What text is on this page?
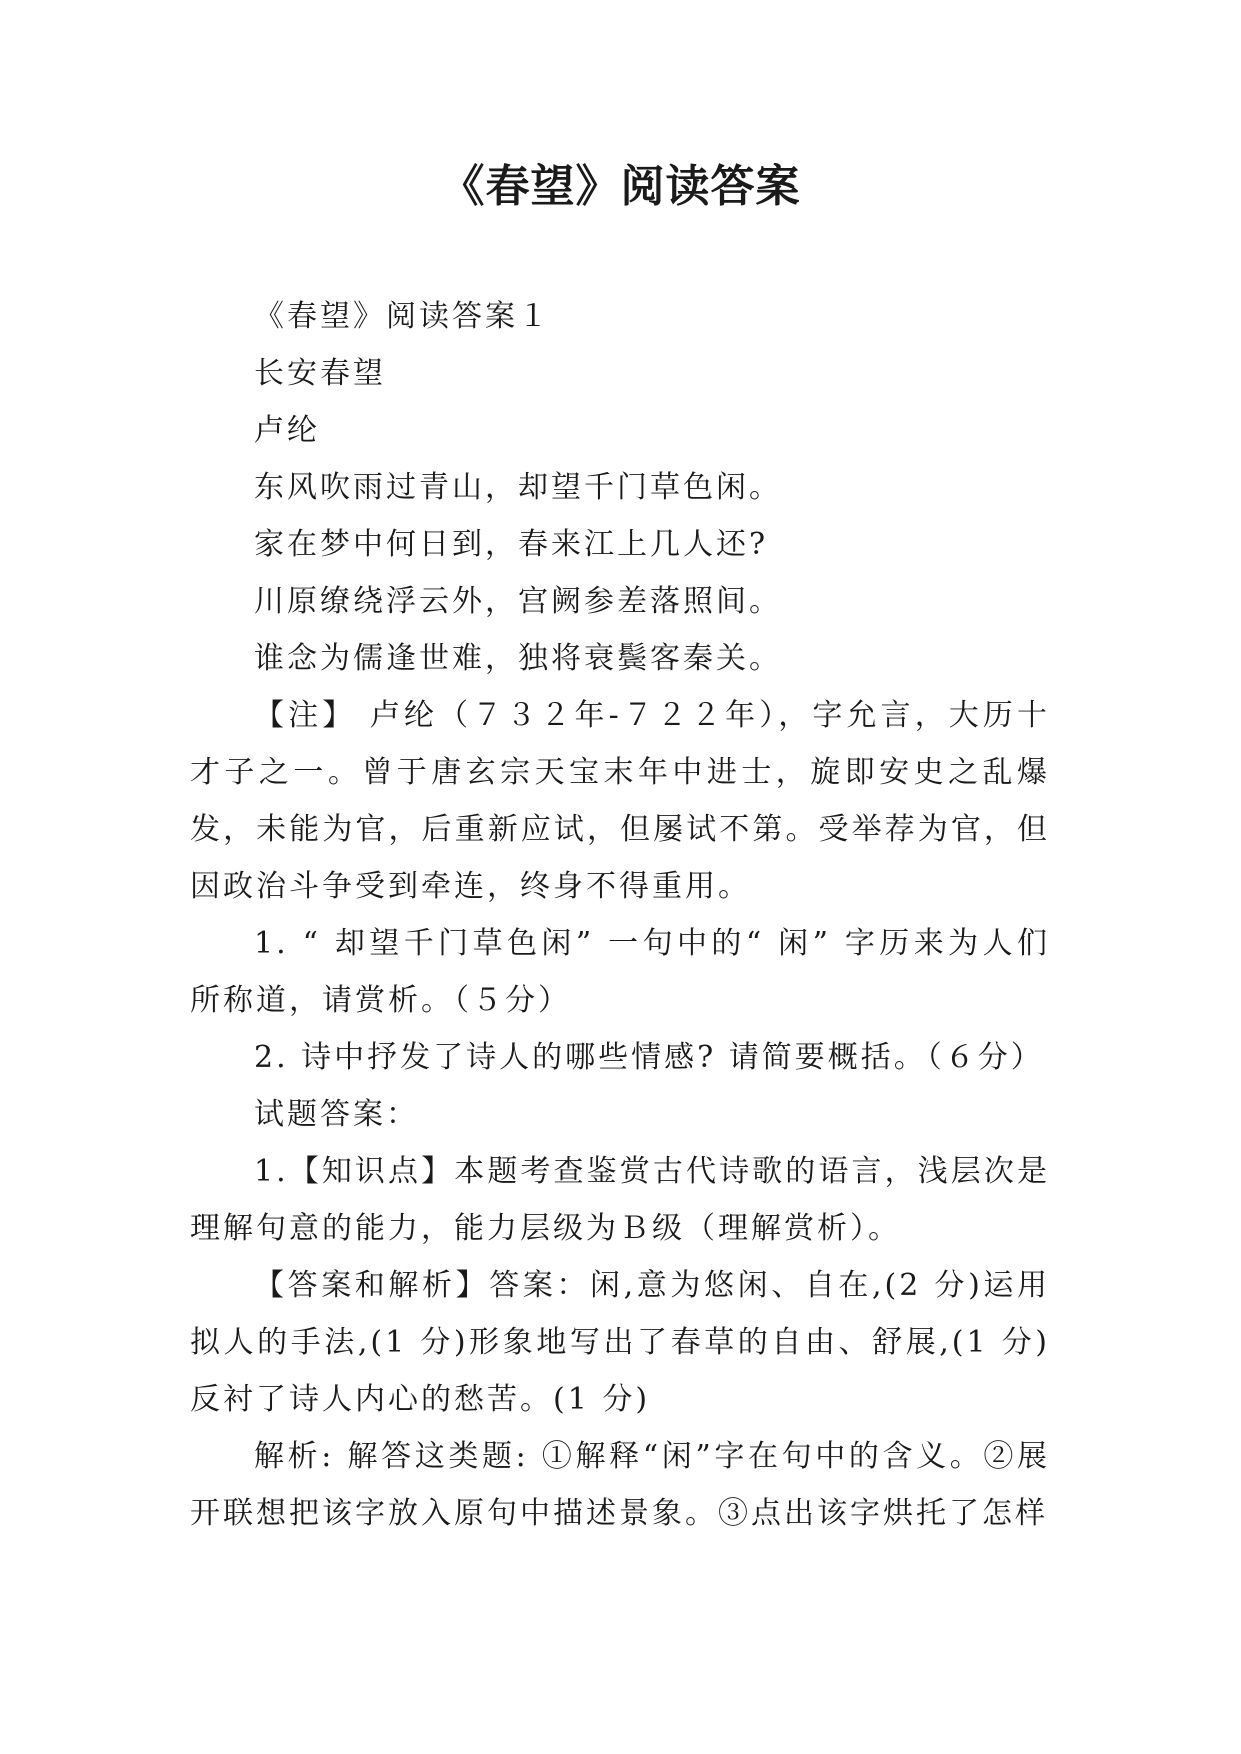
《春望》阅读答案
《春望》阅读答案１
长安春望
卢纶
东风吹雨过青山，却望千门草色闲。
家在梦中何日到，春来江上几人还?
川原缭绕浮云外，宫阙参差落照间。
谁念为儒逢世难，独将衰鬓客秦关。

【注】 卢纶（７３２年-７２２年），字允言，大历十才子之一。曾于唐玄宗天宝末年中进士，旋即安史之乱爆发，未能为官，后重新应试，但屡试不第。受举荐为官，但因政治斗争受到牵连，终身不得重用。

1. “ 却望千门草色闲” 一句中的“ 闲” 字历来为人们所称道，请赏析。（５分）

2. 诗中抒发了诗人的哪些情感? 请简要概括。（６分）

试题答案：

1.【知识点】本题考查鉴赏古代诗歌的语言，浅层次是理解句意的能力，能力层级为Ｂ级（理解赏析）。

【答案和解析】答案：闲,意为悠闲、自在,(2 分)运用拟人的手法,(1 分)形象地写出了春草的自由、舒展,(1 分)反衬了诗人内心的愁苦。(1 分)

解析: 解答这类题: ①解释“闲”字在句中的含义。②展开联想把该字放入原句中描述景象。③点出该字烘托了怎样
